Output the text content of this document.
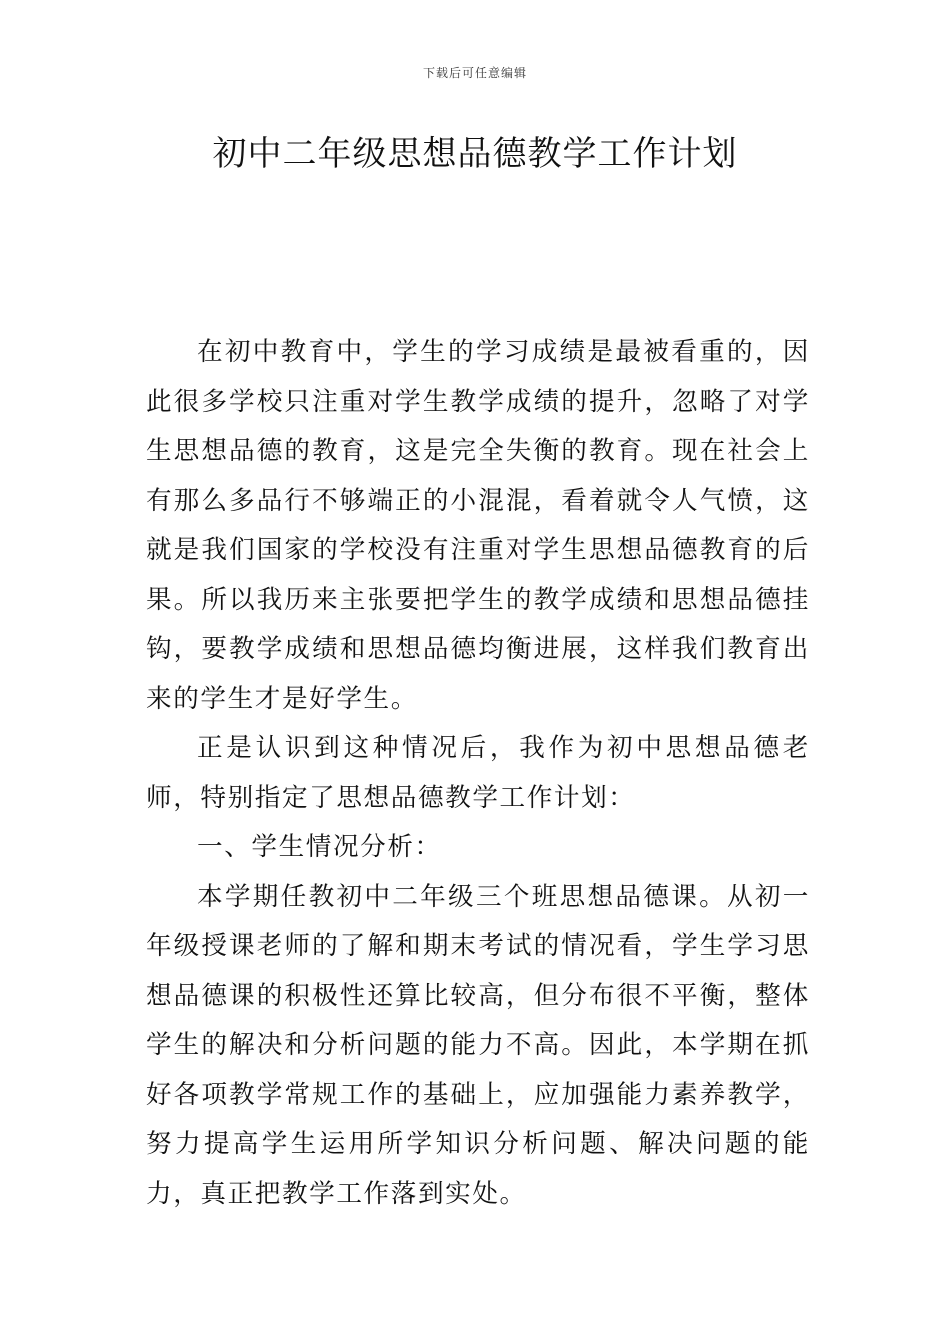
下载后可任意编辑
初中二年级思想品德教学工作计划

在初中教育中，学生的学习成绩是最被看重的，因此很多学校只注重对学生教学成绩的提升，忽略了对学生思想品德的教育，这是完全失衡的教育。现在社会上有那么多品行不够端正的小混混，看着就令人气愤，这就是我们国家的学校没有注重对学生思想品德教育的后果。所以我历来主张要把学生的教学成绩和思想品德挂钩，要教学成绩和思想品德均衡进展，这样我们教育出来的学生才是好学生。

正是认识到这种情况后，我作为初中思想品德老师，特别指定了思想品德教学工作计划：

一、学生情况分析：

本学期任教初中二年级三个班思想品德课。从初一年级授课老师的了解和期末考试的情况看，学生学习思想品德课的积极性还算比较高，但分布很不平衡，整体学生的解决和分析问题的能力不高。因此，本学期在抓好各项教学常规工作的基础上，应加强能力素养教学，努力提高学生运用所学知识分析问题、解决问题的能力，真正把教学工作落到实处。
